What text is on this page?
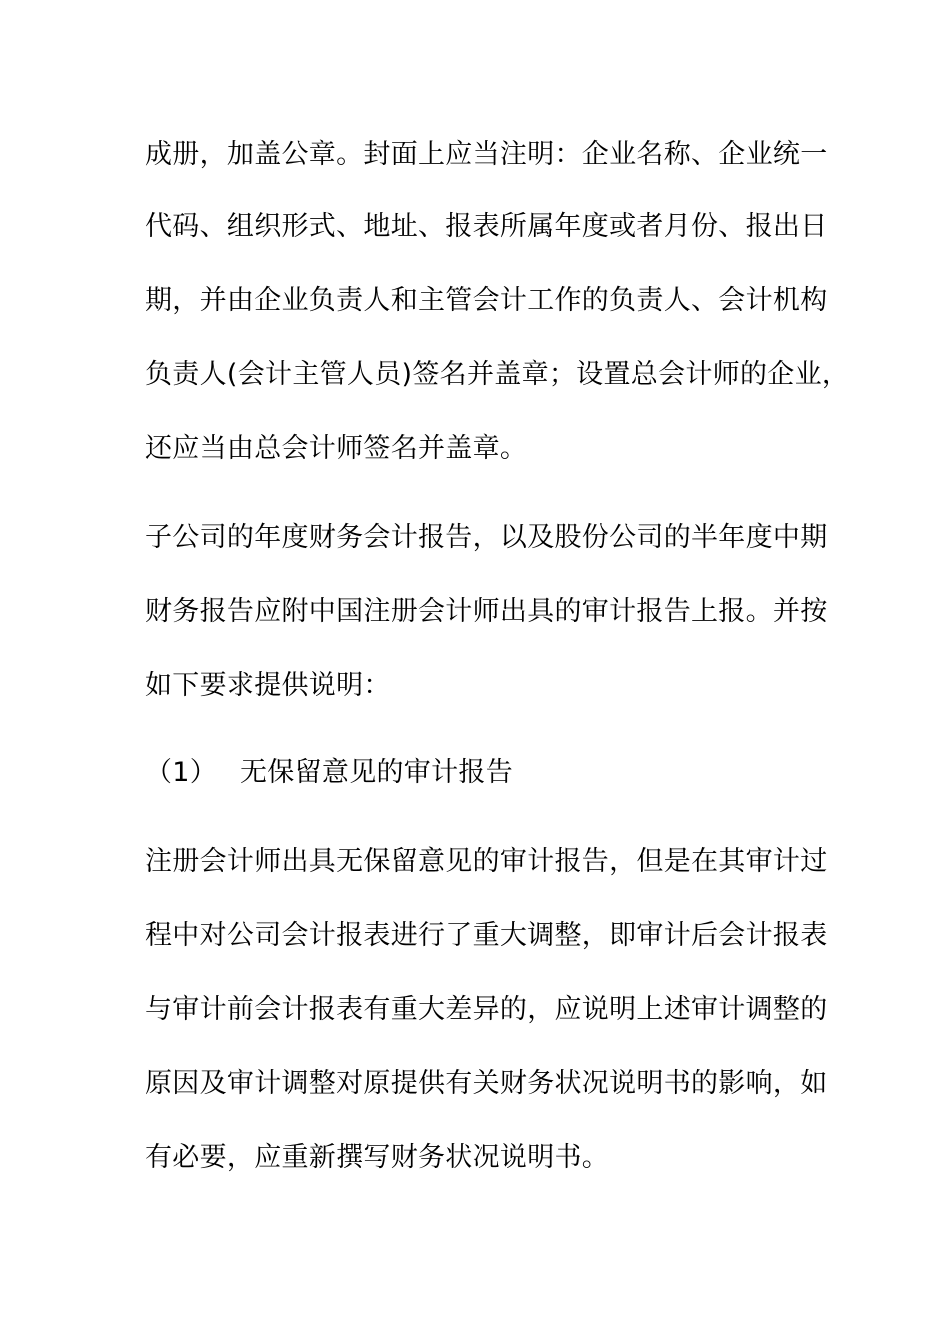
成册，加盖公章。封面上应当注明：企业名称、企业统一
代码、组织形式、地址、报表所属年度或者月份、报出日
期，并由企业负责人和主管会计工作的负责人、会计机构
负责人(会计主管人员)签名并盖章；设置总会计师的企业，
还应当由总会计师签名并盖章。
子公司的年度财务会计报告，以及股份公司的半年度中期
财务报告应附中国注册会计师出具的审计报告上报。并按
如下要求提供说明：
（1） 无保留意见的审计报告
注册会计师出具无保留意见的审计报告，但是在其审计过
程中对公司会计报表进行了重大调整，即审计后会计报表
与审计前会计报表有重大差异的，应说明上述审计调整的
原因及审计调整对原提供有关财务状况说明书的影响，如
有必要，应重新撰写财务状况说明书。
